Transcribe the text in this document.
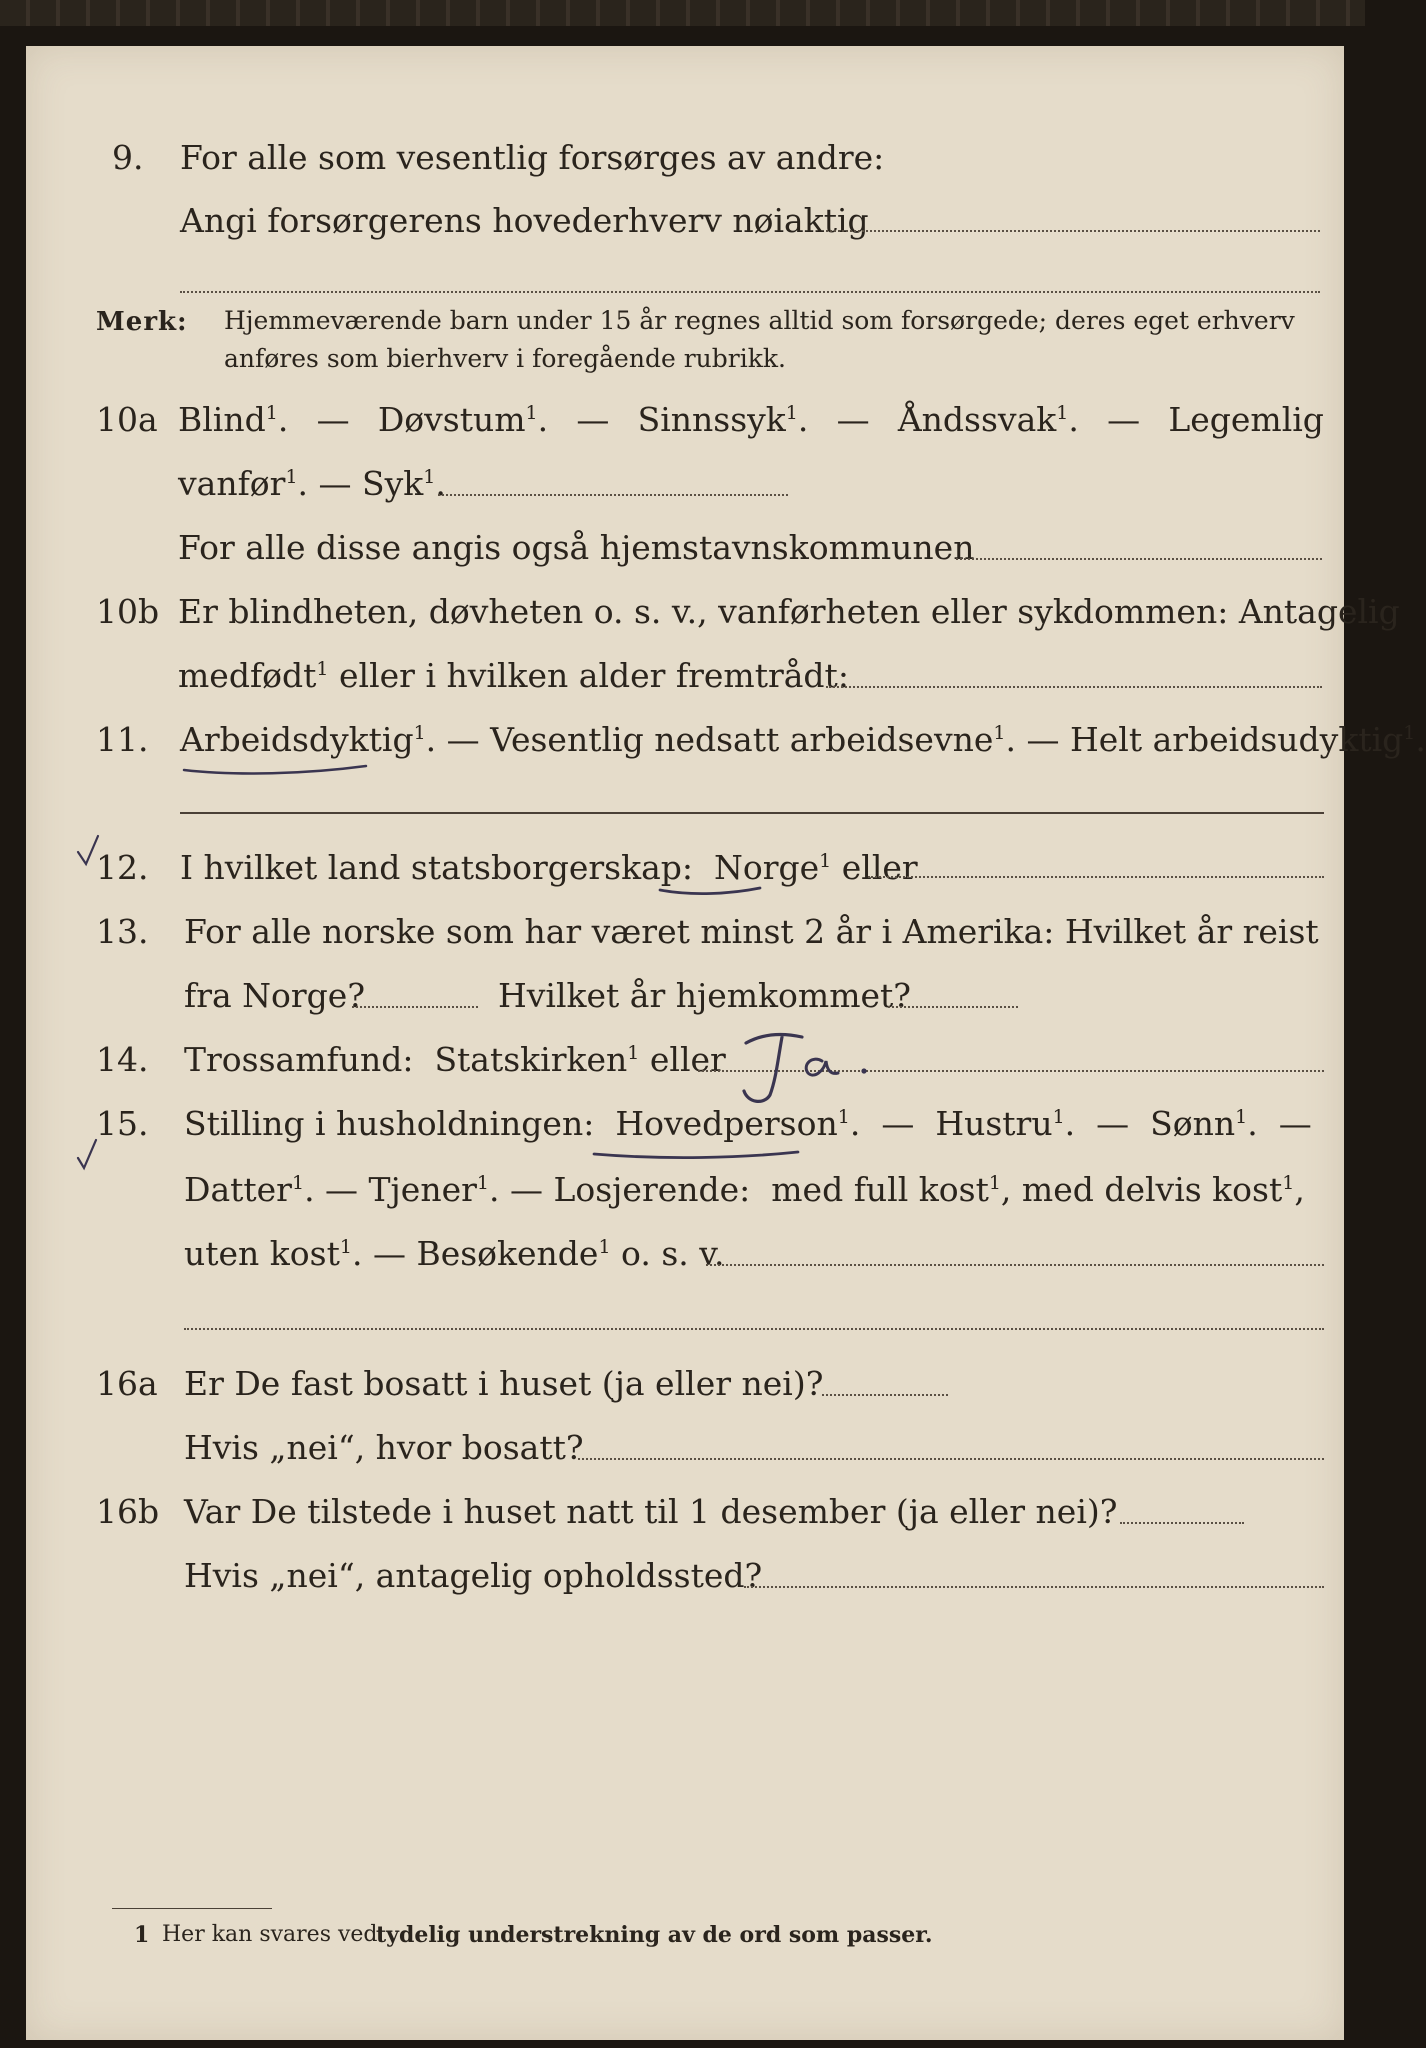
9. For alle som vesentlig forsørges av andre:
Angi forsørgerens hovederhverv nøiaktig
Merk: Hjemmeværende barn under 15 år regnes alltid som forsørgede; deres eget erhverv
anføres som bierhverv i foregående rubrikk.
10a Blind$^1$. — Døvstum$^1$. — Sinnssyk$^1$. — Åndssvak$^1$. — Legemlig
vanfør$^1$. — Syk$^1$.
For alle disse angis også hjemstavnskommunen
10b Er blindheten, døvheten o. s. v., vanførheten eller sykdommen: Antagelig
medfødt$^1$ eller i hvilken alder fremtrådt:
11. Arbeidsdyktig$^1$. — Vesentlig nedsatt arbeidsevne$^1$. — Helt arbeidsudyktig$^1$.
12. I hvilket land statsborgerskap: Norge$^1$ eller
13. For alle norske som har været minst 2 år i Amerika: Hvilket år reist
fra Norge?	Hvilket år hjemkommet?
14. Trossamfund: Statskirken$^1$ eller
15. Stilling i husholdningen: Hovedperson$^1$.  — Hustru$^1$.  — Sønn$^1$.  —
Datter$^1$. — Tjener$^1$. — Losjerende: med full kost$^1$, med delvis kost$^1$,
uten kost$^1$. — Besøkende$^1$ o. s. v.
16a Er De fast bosatt i huset (ja eller nei)?
Hvis „nei“, hvor bosatt?
16b Var De tilstede i huset natt til 1 desember (ja eller nei)?
Hvis „nei“, antagelig opholdssted?
1 Her kan svares ved
tydelig understrekning av de ord som passer.
